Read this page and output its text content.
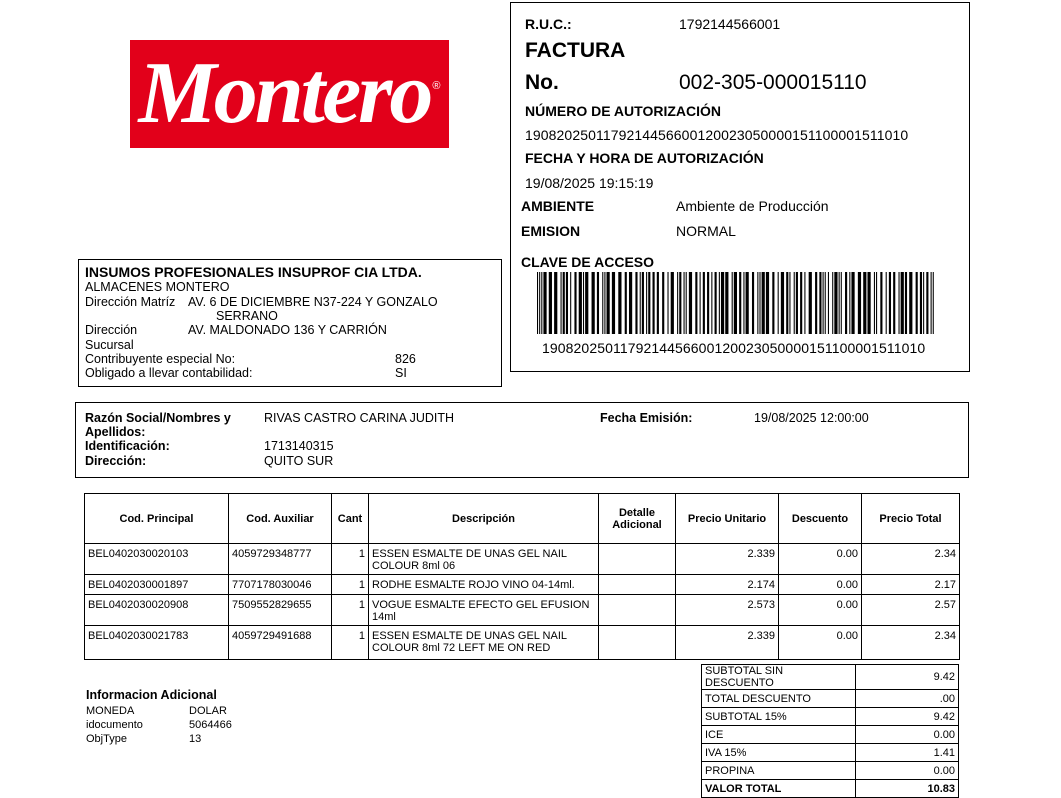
Montero ®
R.U.C.:	1792144566001
FACTURA
No.	002-305-000015110
NÚMERO DE AUTORIZACIÓN
1908202501179214456600120023050000151100001511010
FECHA Y HORA DE AUTORIZACIÓN
19/08/2025 19:15:19
AMBIENTE	Ambiente de Producción
EMISION	NORMAL
CLAVE DE ACCESO
1908202501179214456600120023050000151100001511010
INSUMOS PROFESIONALES INSUPROF CIA LTDA.
ALMACENES MONTERO
Dirección Matríz AV. 6 DE DICIEMBRE N37-224 Y GONZALO
SERRANO
Dirección	AV. MALDONADO 136 Y CARRIÓN
Sucursal
Contribuyente especial No:	826
Obligado a llevar contabilidad:	SI
Razón Social/Nombres y
Apellidos:
RIVAS CASTRO CARINA JUDITH	Fecha Emisión:	19/08/2025 12:00:00
Identificación:	1713140315
Dirección:	QUITO SUR
Cod. Principal	Cod. Auxiliar	Cant	Descripción	Detalle
Adicional	Precio Unitario	Descuento	Precio Total
BEL0402030020103	4059729348777	1	ESSEN ESMALTE DE UNAS GEL NAIL
COLOUR 8ml 06		2.339	0.00	2.34
BEL0402030001897	7707178030046	1	RODHE ESMALTE ROJO VINO 04-14ml.		2.174	0.00	2.17
BEL0402030020908	7509552829655	1	VOGUE ESMALTE EFECTO GEL EFUSION
14ml		2.573	0.00	2.57
BEL0402030021783	4059729491688	1	ESSEN ESMALTE DE UNAS GEL NAIL
COLOUR 8ml 72 LEFT ME ON RED		2.339	0.00	2.34
SUBTOTAL SIN DESCUENTO	9.42
TOTAL DESCUENTO	.00
SUBTOTAL 15%	9.42
ICE	0.00
IVA 15%	1.41
PROPINA	0.00
VALOR TOTAL	10.83
Informacion Adicional
MONEDA	DOLAR
idocumento	5064466
ObjType	13
